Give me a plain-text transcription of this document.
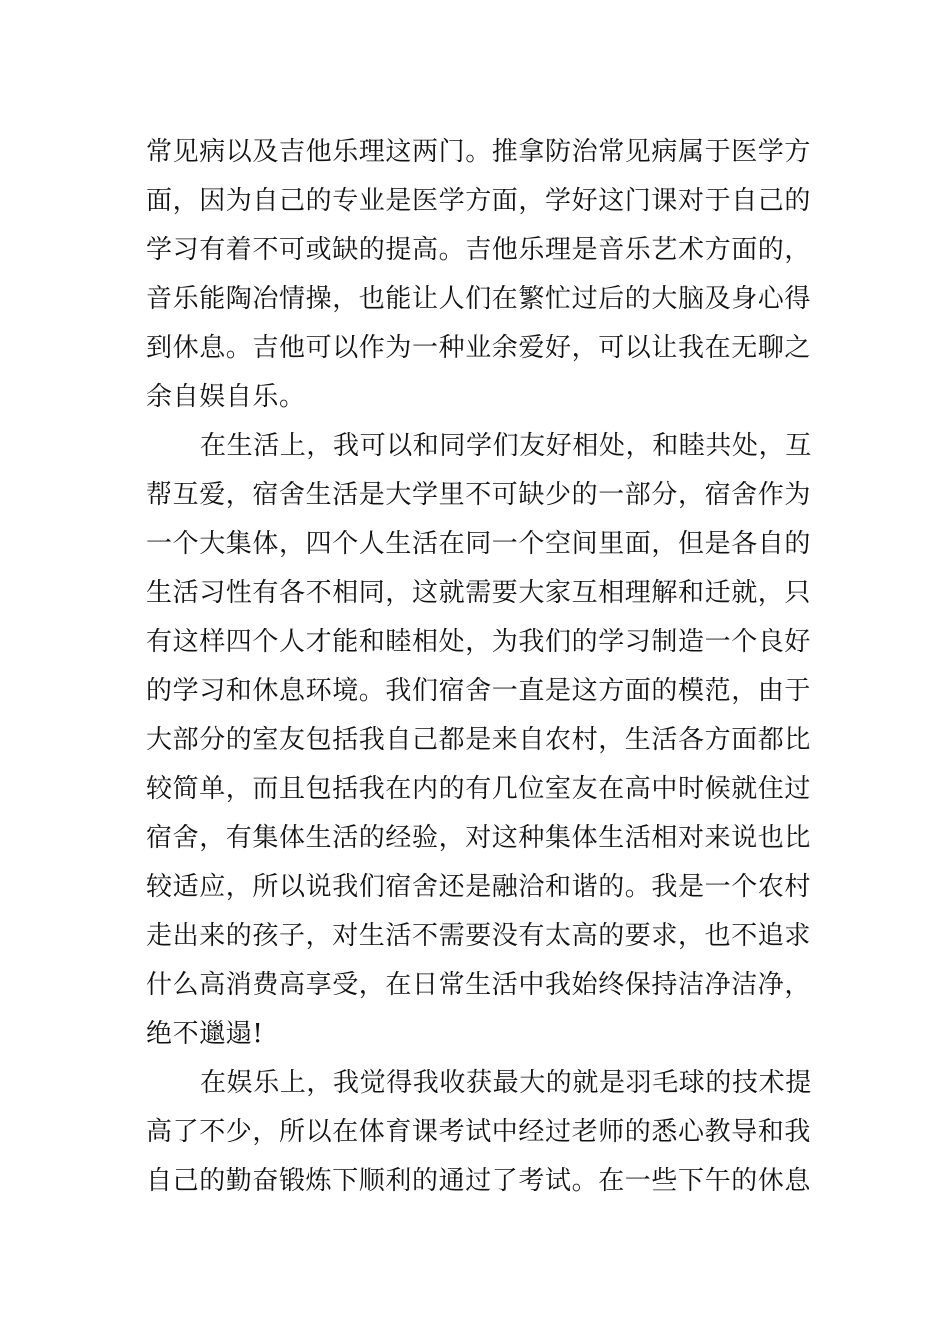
常见病以及吉他乐理这两门。推拿防治常见病属于医学方
面，因为自己的专业是医学方面，学好这门课对于自己的
学习有着不可或缺的提高。吉他乐理是音乐艺术方面的，
音乐能陶冶情操，也能让人们在繁忙过后的大脑及身心得
到休息。吉他可以作为一种业余爱好，可以让我在无聊之
余自娱自乐。
在生活上，我可以和同学们友好相处，和睦共处，互
帮互爱，宿舍生活是大学里不可缺少的一部分，宿舍作为
一个大集体，四个人生活在同一个空间里面，但是各自的
生活习性有各不相同，这就需要大家互相理解和迁就，只
有这样四个人才能和睦相处，为我们的学习制造一个良好
的学习和休息环境。我们宿舍一直是这方面的模范，由于
大部分的室友包括我自己都是来自农村，生活各方面都比
较简单，而且包括我在内的有几位室友在高中时候就住过
宿舍，有集体生活的经验，对这种集体生活相对来说也比
较适应，所以说我们宿舍还是融洽和谐的。我是一个农村
走出来的孩子，对生活不需要没有太高的要求，也不追求
什么高消费高享受，在日常生活中我始终保持洁净洁净，
绝不邋遢!
在娱乐上，我觉得我收获最大的就是羽毛球的技术提
高了不少，所以在体育课考试中经过老师的悉心教导和我
自己的勤奋锻炼下顺利的通过了考试。在一些下午的休息
